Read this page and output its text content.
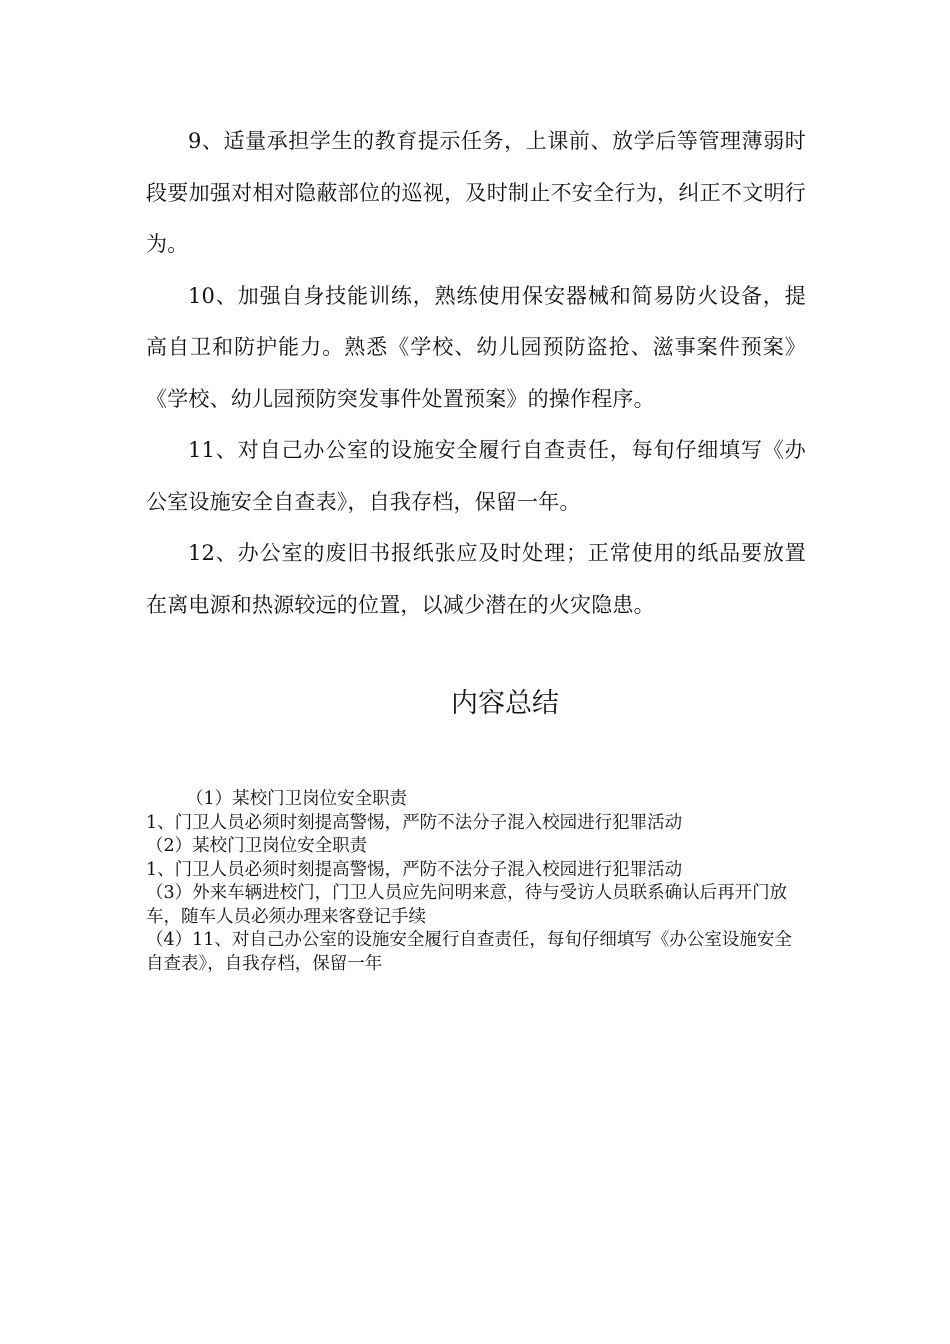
9、适量承担学生的教育提示任务，上课前、放学后等管理薄弱时段要加强对相对隐蔽部位的巡视，及时制止不安全行为，纠正不文明行为。

10、加强自身技能训练，熟练使用保安器械和简易防火设备，提高自卫和防护能力。熟悉《学校、幼儿园预防盗抢、滋事案件预案》《学校、幼儿园预防突发事件处置预案》的操作程序。

11、对自己办公室的设施安全履行自查责任，每旬仔细填写《办公室设施安全自查表》，自我存档，保留一年。

12、办公室的废旧书报纸张应及时处理；正常使用的纸品要放置在离电源和热源较远的位置，以减少潜在的火灾隐患。

内容总结

（1）某校门卫岗位安全职责

1、门卫人员必须时刻提高警惕，严防不法分子混入校园进行犯罪活动

（2）某校门卫岗位安全职责

1、门卫人员必须时刻提高警惕，严防不法分子混入校园进行犯罪活动

（3）外来车辆进校门，门卫人员应先问明来意，待与受访人员联系确认后再开门放车，随车人员必须办理来客登记手续

（4）11、对自己办公室的设施安全履行自查责任，每旬仔细填写《办公室设施安全自查表》，自我存档，保留一年
